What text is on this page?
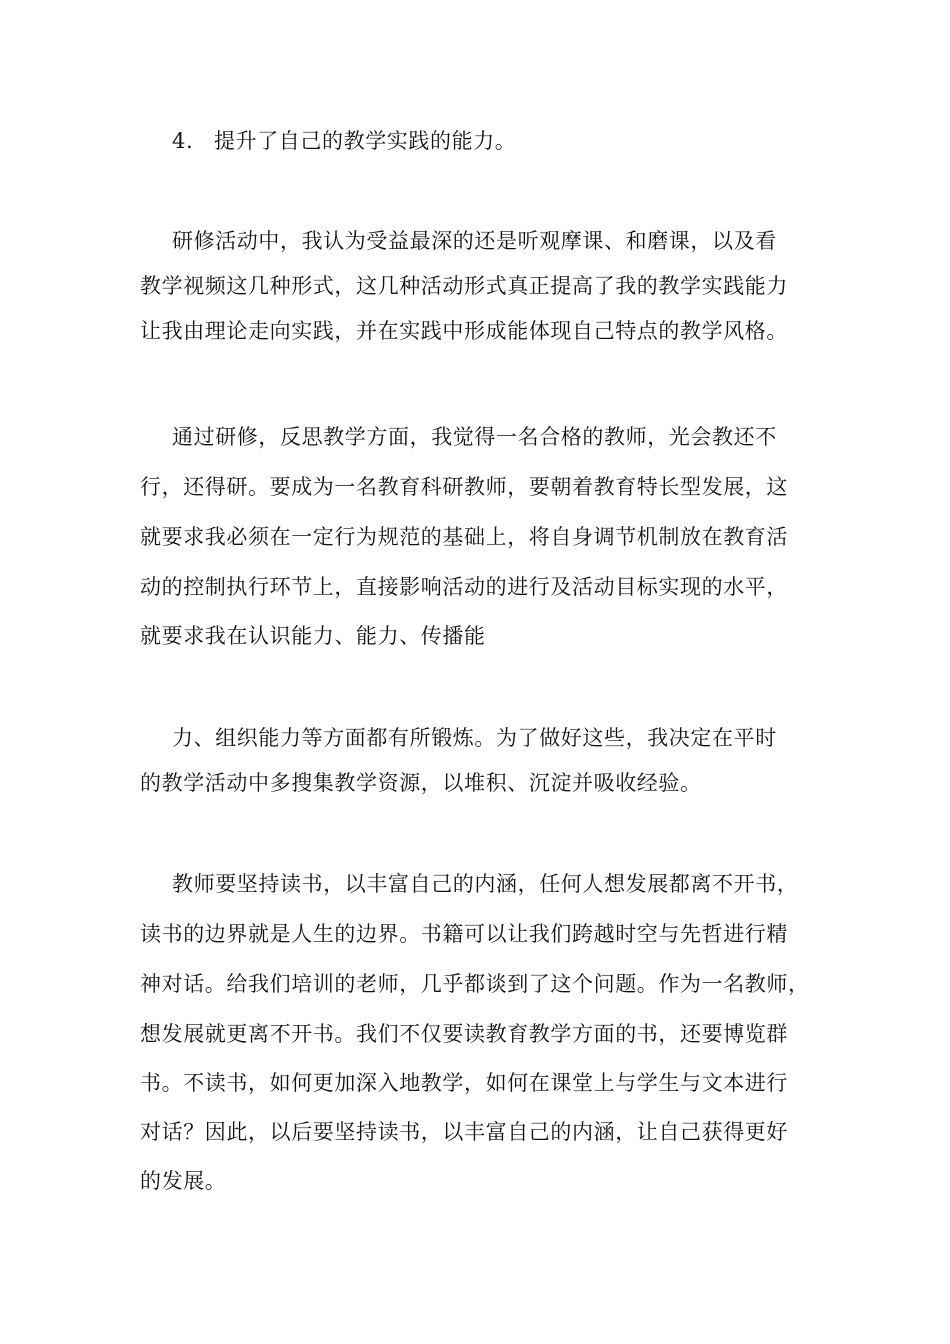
4. 提升了自己的教学实践的能力。
研修活动中，我认为受益最深的还是听观摩课、和磨课，以及看
教学视频这几种形式，这几种活动形式真正提高了我的教学实践能力
让我由理论走向实践，并在实践中形成能体现自己特点的教学风格。
通过研修，反思教学方面，我觉得一名合格的教师，光会教还不
行，还得研。要成为一名教育科研教师，要朝着教育特长型发展，这
就要求我必须在一定行为规范的基础上，将自身调节机制放在教育活
动的控制执行环节上，直接影响活动的进行及活动目标实现的水平，
就要求我在认识能力、能力、传播能
力、组织能力等方面都有所锻炼。为了做好这些，我决定在平时
的教学活动中多搜集教学资源，以堆积、沉淀并吸收经验。
教师要坚持读书，以丰富自己的内涵，任何人想发展都离不开书，
读书的边界就是人生的边界。书籍可以让我们跨越时空与先哲进行精
神对话。给我们培训的老师，几乎都谈到了这个问题。作为一名教师，
想发展就更离不开书。我们不仅要读教育教学方面的书，还要博览群
书。不读书，如何更加深入地教学，如何在课堂上与学生与文本进行
对话？因此，以后要坚持读书，以丰富自己的内涵，让自己获得更好
的发展。
